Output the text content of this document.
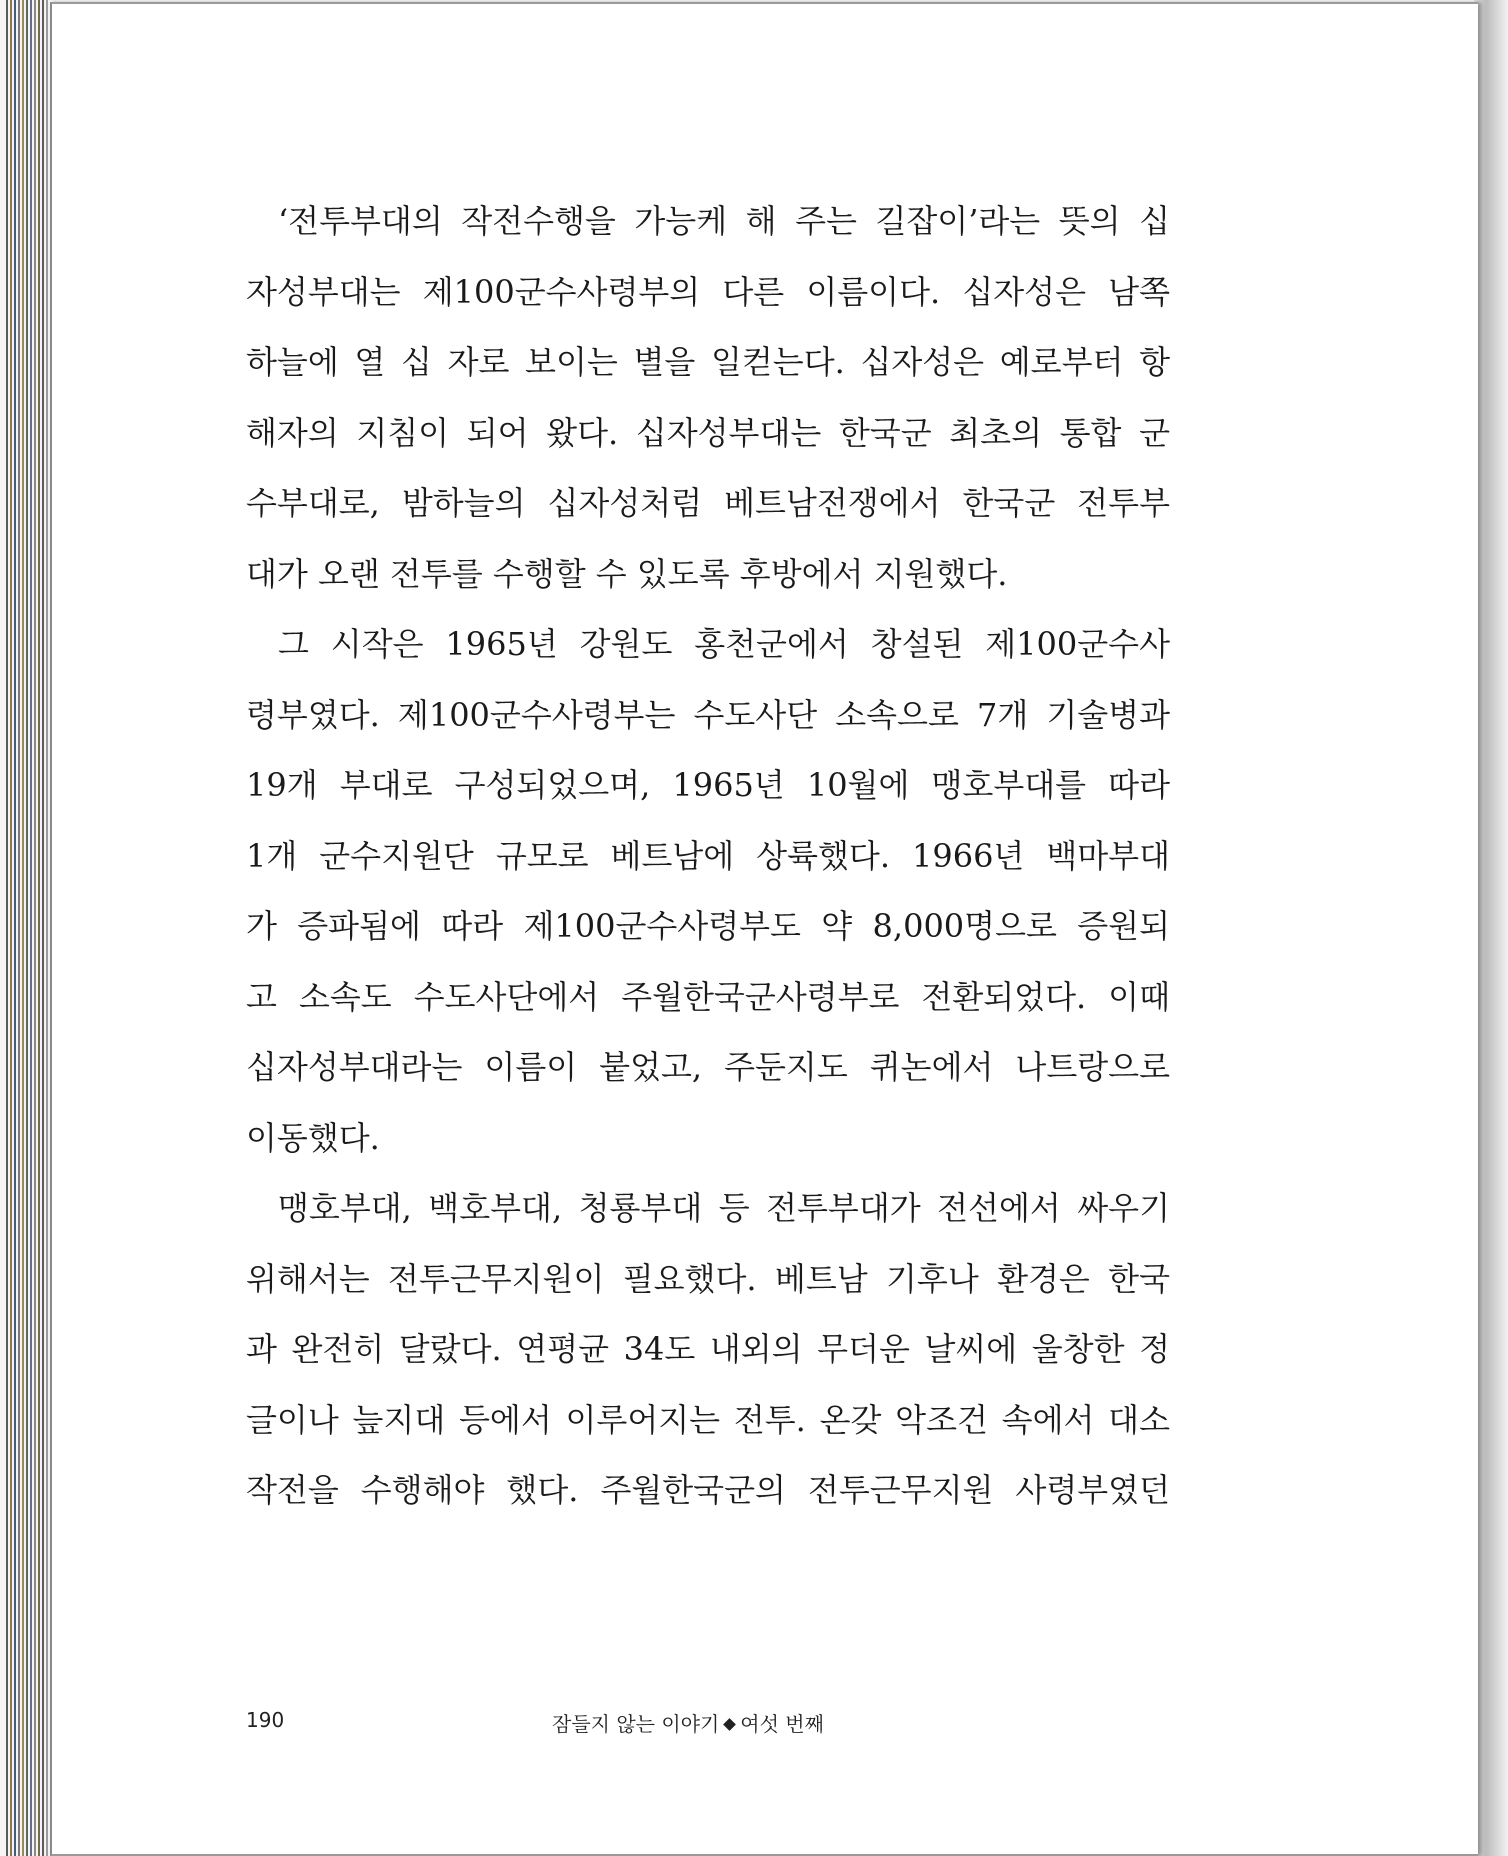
‘전투부대의 작전수행을 가능케 해 주는 길잡이’라는 뜻의 십
자성부대는 제100군수사령부의 다른 이름이다. 십자성은 남쪽
하늘에 열 십 자로 보이는 별을 일컫는다. 십자성은 예로부터 항
해자의 지침이 되어 왔다. 십자성부대는 한국군 최초의 통합 군
수부대로, 밤하늘의 십자성처럼 베트남전쟁에서 한국군 전투부
대가 오랜 전투를 수행할 수 있도록 후방에서 지원했다.

그 시작은 1965년 강원도 홍천군에서 창설된 제100군수사
령부였다. 제100군수사령부는 수도사단 소속으로 7개 기술병과
19개 부대로 구성되었으며, 1965년 10월에 맹호부대를 따라
1개 군수지원단 규모로 베트남에 상륙했다. 1966년 백마부대
가 증파됨에 따라 제100군수사령부도 약 8,000명으로 증원되
고 소속도 수도사단에서 주월한국군사령부로 전환되었다. 이때
십자성부대라는 이름이 붙었고, 주둔지도 퀴논에서 나트랑으로
이동했다.

맹호부대, 백호부대, 청룡부대 등 전투부대가 전선에서 싸우기
위해서는 전투근무지원이 필요했다. 베트남 기후나 환경은 한국
과 완전히 달랐다. 연평균 34도 내외의 무더운 날씨에 울창한 정
글이나 늪지대 등에서 이루어지는 전투. 온갖 악조건 속에서 대소
작전을 수행해야 했다. 주월한국군의 전투근무지원 사령부였던

190	잠들지 않는 이야기 여섯 번째
